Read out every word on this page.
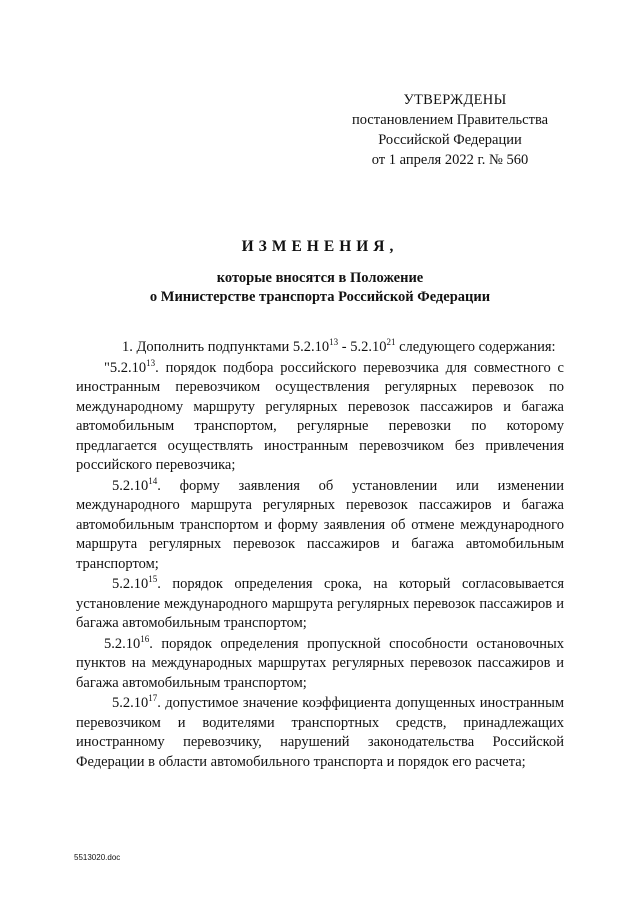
УТВЕРЖДЕНЫ
постановлением Правительства
Российской Федерации
от 1 апреля 2022 г. № 560
ИЗМЕНЕНИЯ,
которые вносятся в Положение
о Министерстве транспорта Российской Федерации

1. Дополнить подпунктами 5.2.10$^{13}$ - 5.2.10$^{21}$ следующего содержания:

"5.2.10$^{13}$. порядок подбора российского перевозчика для совместного с иностранным перевозчиком осуществления регулярных перевозок по международному маршруту регулярных перевозок пассажиров и багажа автомобильным транспортом, регулярные перевозки по которому предлагается осуществлять иностранным перевозчиком без привлечения российского перевозчика;

5.2.10$^{14}$. форму заявления об установлении или изменении международного маршрута регулярных перевозок пассажиров и багажа автомобильным транспортом и форму заявления об отмене международного маршрута регулярных перевозок пассажиров и багажа автомобильным транспортом;

5.2.10$^{15}$. порядок определения срока, на который согласовывается установление международного маршрута регулярных перевозок пассажиров и багажа автомобильным транспортом;

5.2.10$^{16}$. порядок определения пропускной способности остановочных пунктов на международных маршрутах регулярных перевозок пассажиров и багажа автомобильным транспортом;

5.2.10$^{17}$. допустимое значение коэффициента допущенных иностранным перевозчиком и водителями транспортных средств, принадлежащих иностранному перевозчику, нарушений законодательства Российской Федерации в области автомобильного транспорта и порядок его расчета;

5513020.doc
